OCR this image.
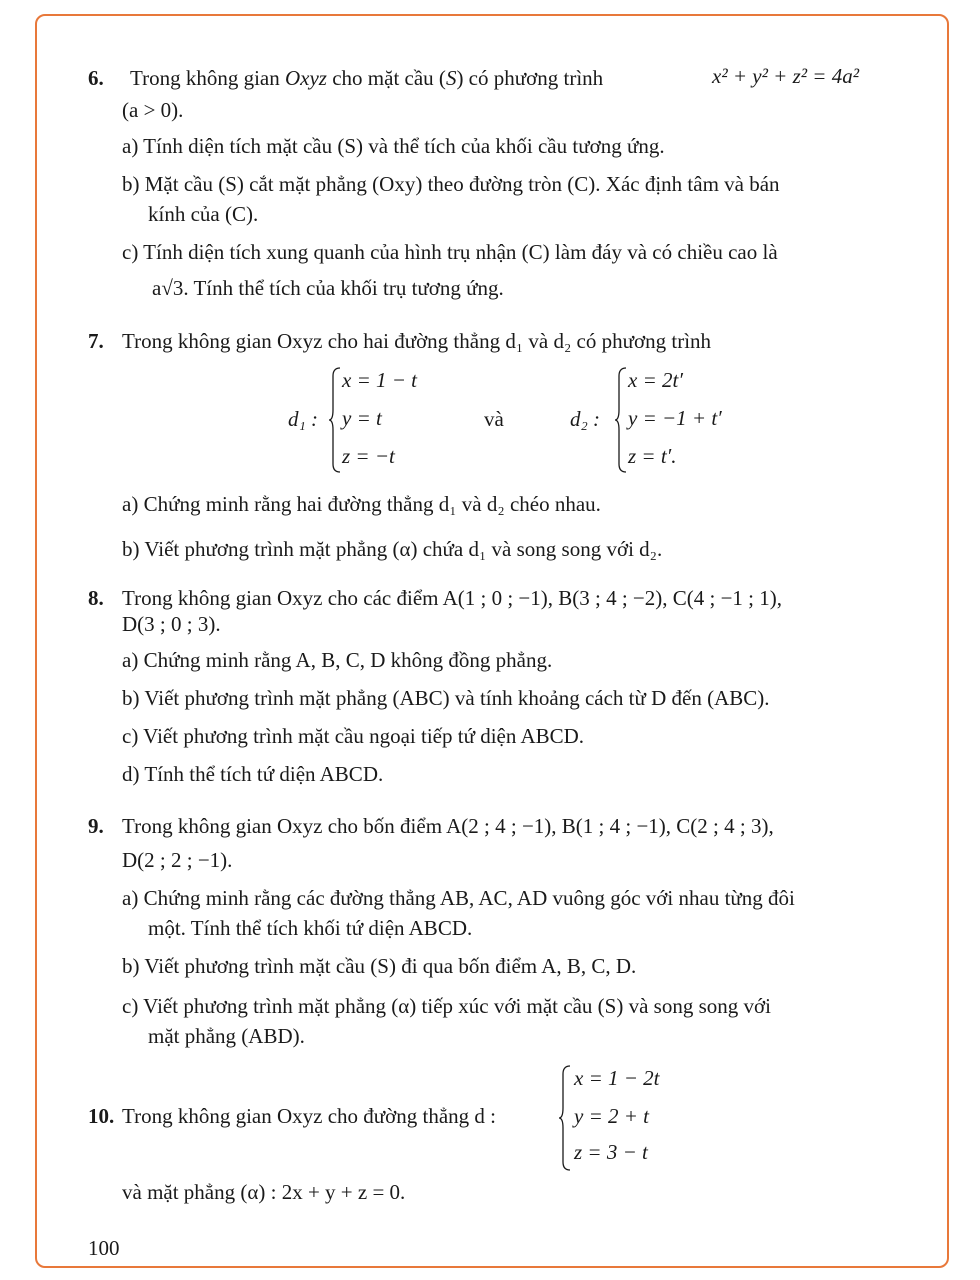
6. Trong không gian Oxyz cho mặt cầu (S) có phương trình	x² + y² + z² = 4a²
(a > 0).
a) Tính diện tích mặt cầu (S) và thể tích của khối cầu tương ứng.
b) Mặt cầu (S) cắt mặt phẳng (Oxy) theo đường tròn (C). Xác định tâm và bán
kính của (C).
c) Tính diện tích xung quanh của hình trụ nhận (C) làm đáy và có chiều cao là
a√3. Tính thể tích của khối trụ tương ứng.
7. Trong không gian Oxyz cho hai đường thẳng d₁ và d₂ có phương trình
d₁ :
x = 1 − t
y = t
z = −t
và	d₂ :
x = 2t′
y = −1 + t′
z = t′.
a) Chứng minh rằng hai đường thẳng d₁ và d₂ chéo nhau.
b) Viết phương trình mặt phẳng (α) chứa d₁ và song song với d₂.
8. Trong không gian Oxyz cho các điểm A(1 ; 0 ; −1), B(3 ; 4 ; −2), C(4 ; −1 ; 1),
D(3 ; 0 ; 3).
a) Chứng minh rằng A, B, C, D không đồng phẳng.
b) Viết phương trình mặt phẳng (ABC) và tính khoảng cách từ D đến (ABC).
c) Viết phương trình mặt cầu ngoại tiếp tứ diện ABCD.
d) Tính thể tích tứ diện ABCD.
9. Trong không gian Oxyz cho bốn điểm A(2 ; 4 ; −1), B(1 ; 4 ; −1), C(2 ; 4 ; 3),
D(2 ; 2 ; −1).
a) Chứng minh rằng các đường thẳng AB, AC, AD vuông góc với nhau từng đôi
một. Tính thể tích khối tứ diện ABCD.
b) Viết phương trình mặt cầu (S) đi qua bốn điểm A, B, C, D.
c) Viết phương trình mặt phẳng (α) tiếp xúc với mặt cầu (S) và song song với
mặt phẳng (ABD).
10. Trong không gian Oxyz cho đường thẳng d :
x = 1 − 2t
y = 2 + t
z = 3 − t
và mặt phẳng (α) : 2x + y + z = 0.
100
